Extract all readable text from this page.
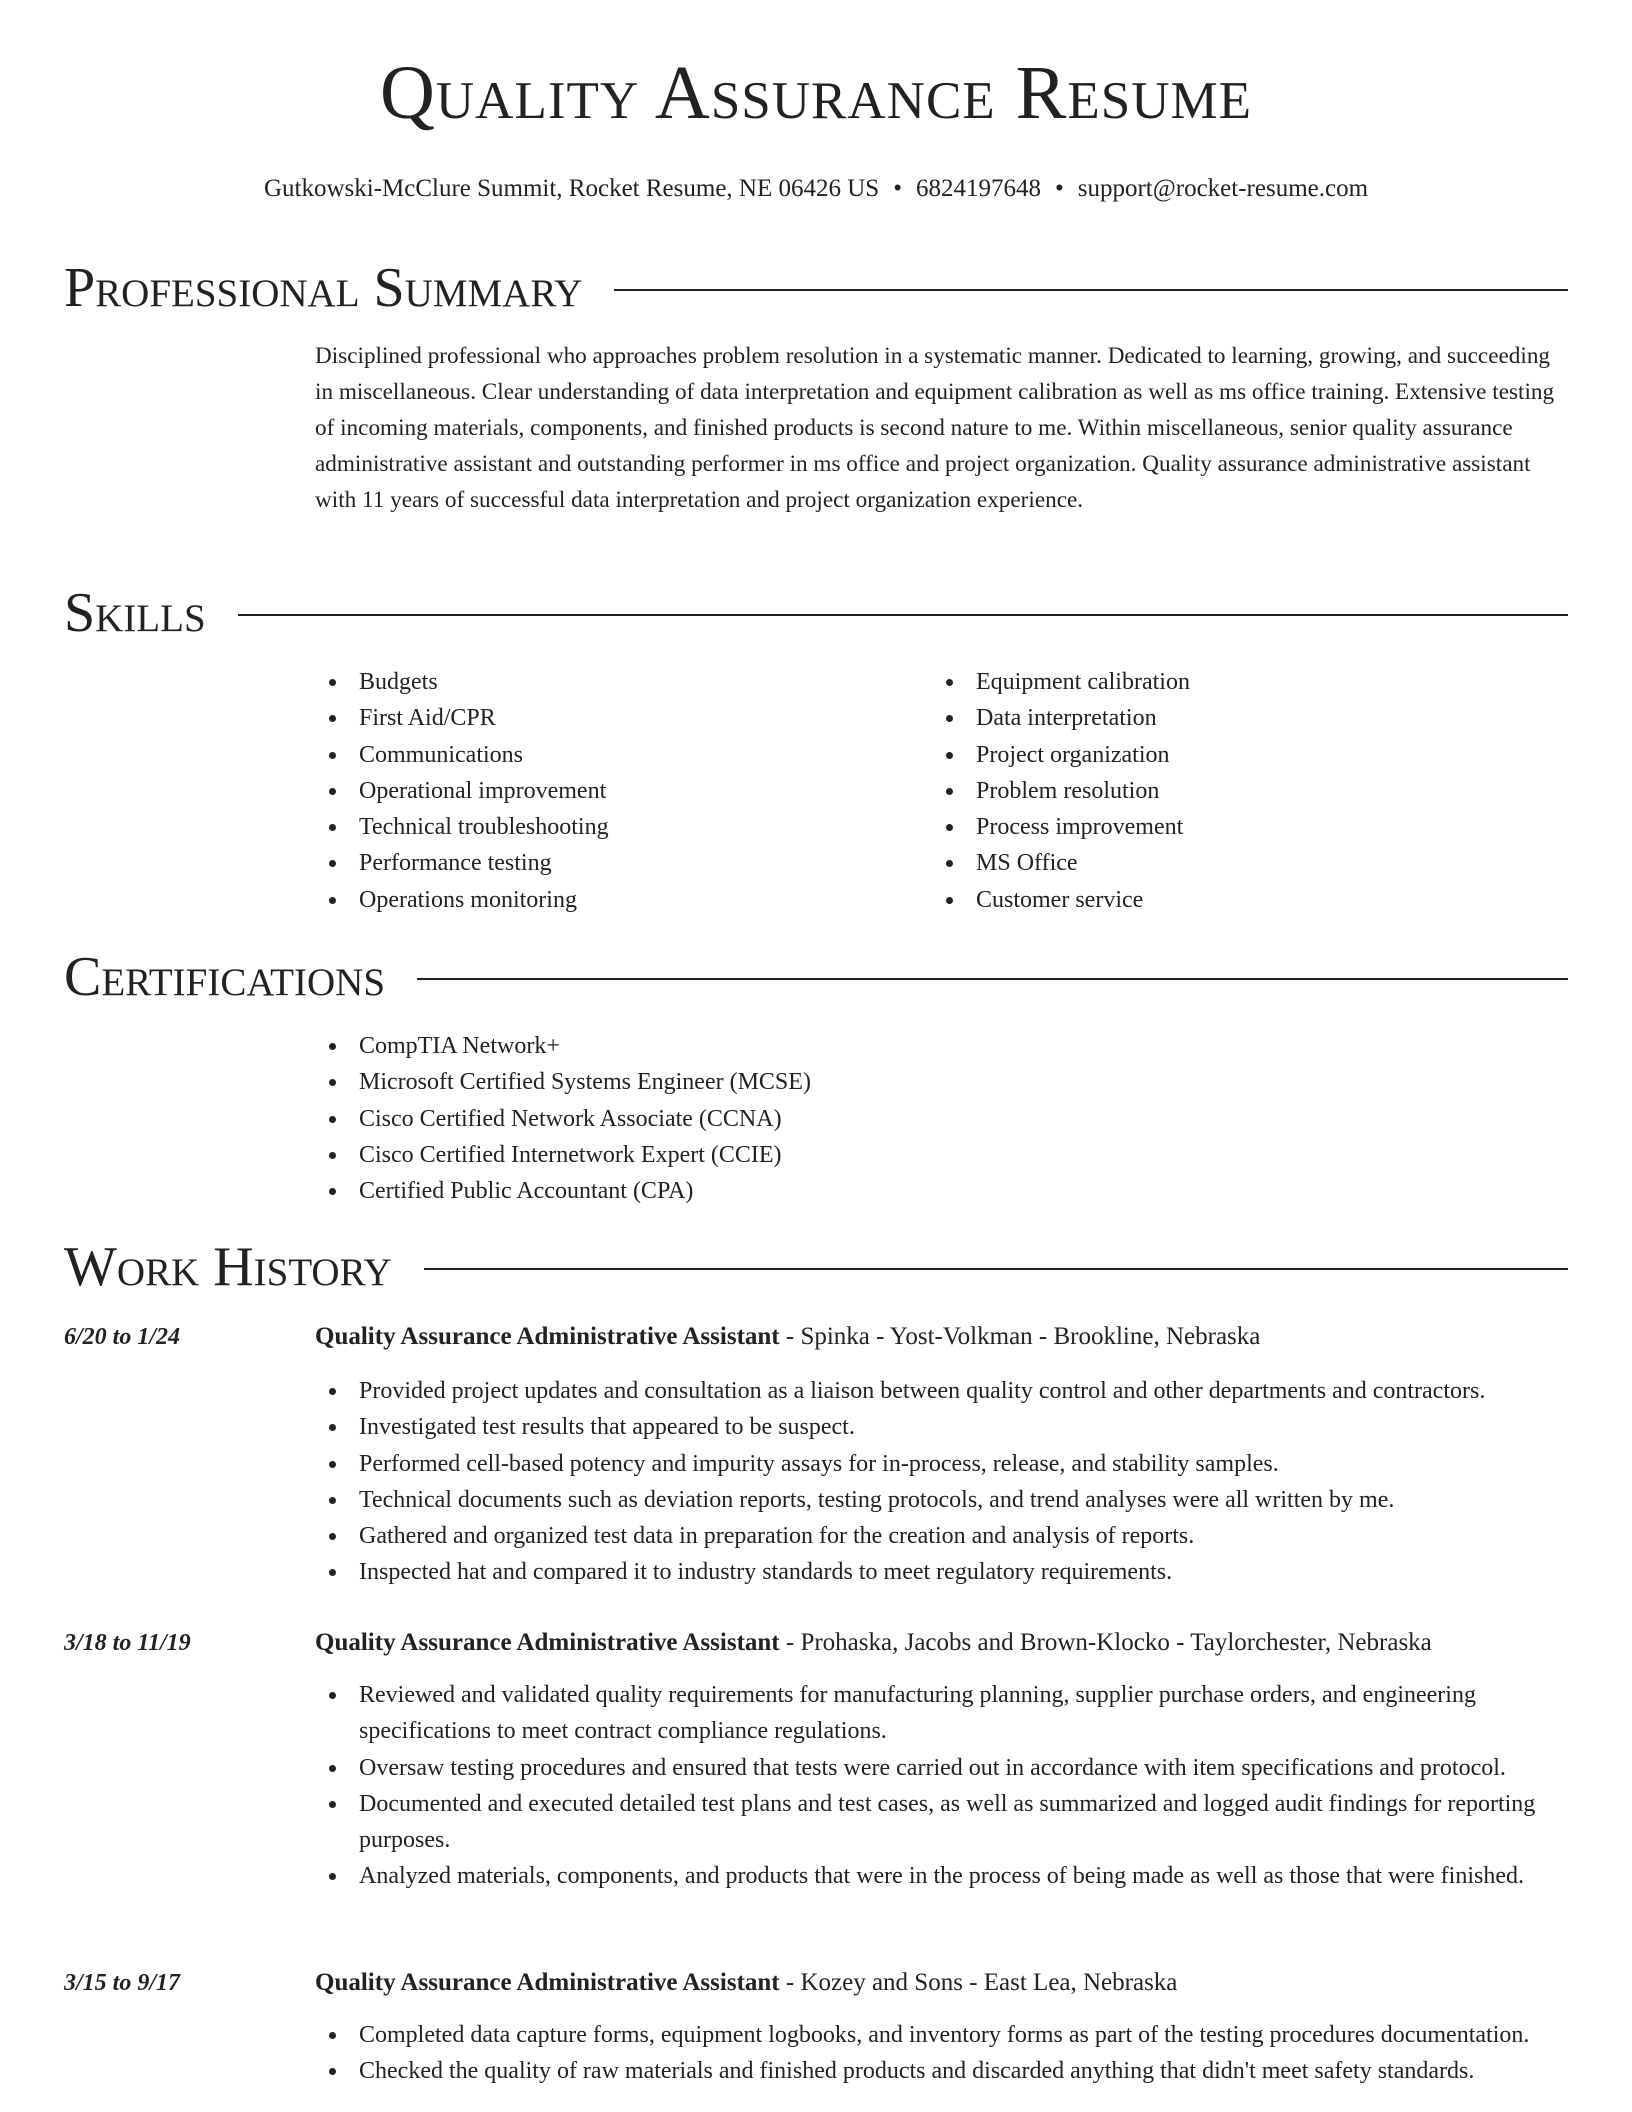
Quality Assurance Resume
Gutkowski-McClure Summit, Rocket Resume, NE 06426 US • 6824197648 • support@rocket-resume.com
Professional Summary

Disciplined professional who approaches problem resolution in a systematic manner. Dedicated to learning, growing, and succeeding in miscellaneous. Clear understanding of data interpretation and equipment calibration as well as ms office training. Extensive testing of incoming materials, components, and finished products is second nature to me. Within miscellaneous, senior quality assurance administrative assistant and outstanding performer in ms office and project organization. Quality assurance administrative assistant with 11 years of successful data interpretation and project organization experience.

Skills
Budgets
First Aid/CPR
Communications
Operational improvement
Technical troubleshooting
Performance testing
Operations monitoring
Equipment calibration
Data interpretation
Project organization
Problem resolution
Process improvement
MS Office
Customer service
Certifications
CompTIA Network+
Microsoft Certified Systems Engineer (MCSE)
Cisco Certified Network Associate (CCNA)
Cisco Certified Internetwork Expert (CCIE)
Certified Public Accountant (CPA)
Work History
6/20 to 1/24	Quality Assurance Administrative Assistant - Spinka - Yost-Volkman - Brookline, Nebraska
Provided project updates and consultation as a liaison between quality control and other departments and contractors.
Investigated test results that appeared to be suspect.
Performed cell-based potency and impurity assays for in-process, release, and stability samples.
Technical documents such as deviation reports, testing protocols, and trend analyses were all written by me.
Gathered and organized test data in preparation for the creation and analysis of reports.
Inspected hat and compared it to industry standards to meet regulatory requirements.
3/18 to 11/19	Quality Assurance Administrative Assistant - Prohaska, Jacobs and Brown-Klocko - Taylorchester, Nebraska
Reviewed and validated quality requirements for manufacturing planning, supplier purchase orders, and engineering specifications to meet contract compliance regulations.
Oversaw testing procedures and ensured that tests were carried out in accordance with item specifications and protocol.
Documented and executed detailed test plans and test cases, as well as summarized and logged audit findings for reporting purposes.
Analyzed materials, components, and products that were in the process of being made as well as those that were finished.
3/15 to 9/17	Quality Assurance Administrative Assistant - Kozey and Sons - East Lea, Nebraska
Completed data capture forms, equipment logbooks, and inventory forms as part of the testing procedures documentation.
Checked the quality of raw materials and finished products and discarded anything that didn't meet safety standards.
